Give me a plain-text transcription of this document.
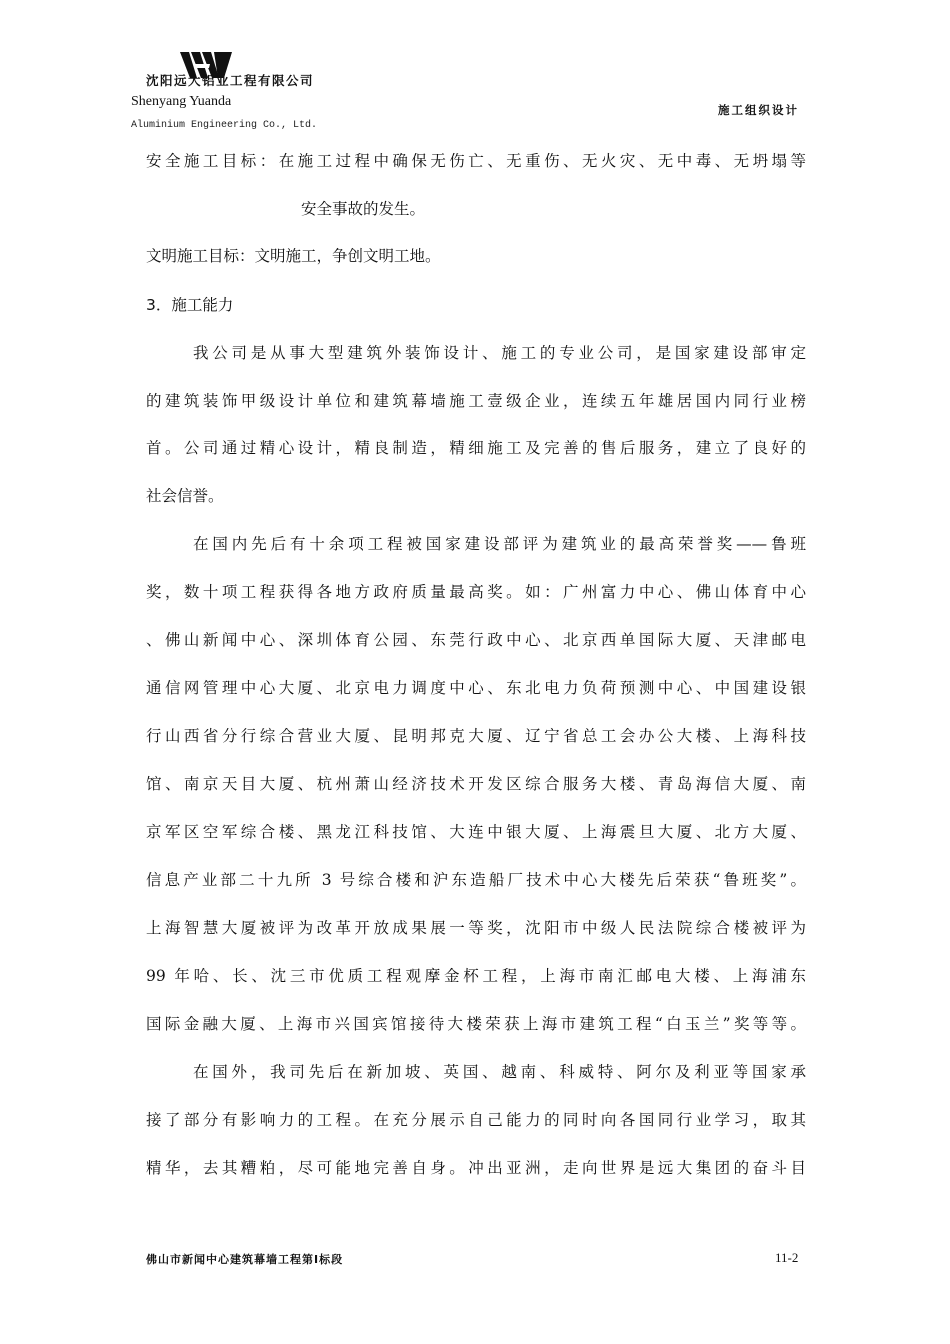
沈阳远大铝业工程有限公司
Shenyang Yuanda
Aluminium Engineering Co., Ltd.
施工组织设计
安全施工目标：在施工过程中确保无伤亡、无重伤、无火灾、无中毒、无坍塌等
安全事故的发生。
文明施工目标：文明施工，争创文明工地。
3．施工能力
我公司是从事大型建筑外装饰设计、施工的专业公司，是国家建设部审定
的建筑装饰甲级设计单位和建筑幕墙施工壹级企业，连续五年雄居国内同行业榜
首。公司通过精心设计，精良制造，精细施工及完善的售后服务，建立了良好的
社会信誉。
在国内先后有十余项工程被国家建设部评为建筑业的最高荣誉奖——鲁班
奖，数十项工程获得各地方政府质量最高奖。如：广州富力中心、佛山体育中心
、佛山新闻中心、深圳体育公园、东莞行政中心、北京西单国际大厦、天津邮电
通信网管理中心大厦、北京电力调度中心、东北电力负荷预测中心、中国建设银
行山西省分行综合营业大厦、昆明邦克大厦、辽宁省总工会办公大楼、上海科技
馆、南京天目大厦、杭州萧山经济技术开发区综合服务大楼、青岛海信大厦、南
京军区空军综合楼、黑龙江科技馆、大连中银大厦、上海震旦大厦、北方大厦、
信息产业部二十九所 3 号综合楼和沪东造船厂技术中心大楼先后荣获“鲁班奖”。
上海智慧大厦被评为改革开放成果展一等奖，沈阳市中级人民法院综合楼被评为
99 年哈、长、沈三市优质工程观摩金杯工程，上海市南汇邮电大楼、上海浦东
国际金融大厦、上海市兴国宾馆接待大楼荣获上海市建筑工程“白玉兰”奖等等。
在国外，我司先后在新加坡、英国、越南、科威特、阿尔及利亚等国家承
接了部分有影响力的工程。在充分展示自己能力的同时向各国同行业学习，取其
精华，去其糟粕，尽可能地完善自身。冲出亚洲，走向世界是远大集团的奋斗目
佛山市新闻中心建筑幕墙工程第Ⅰ标段	11-2
